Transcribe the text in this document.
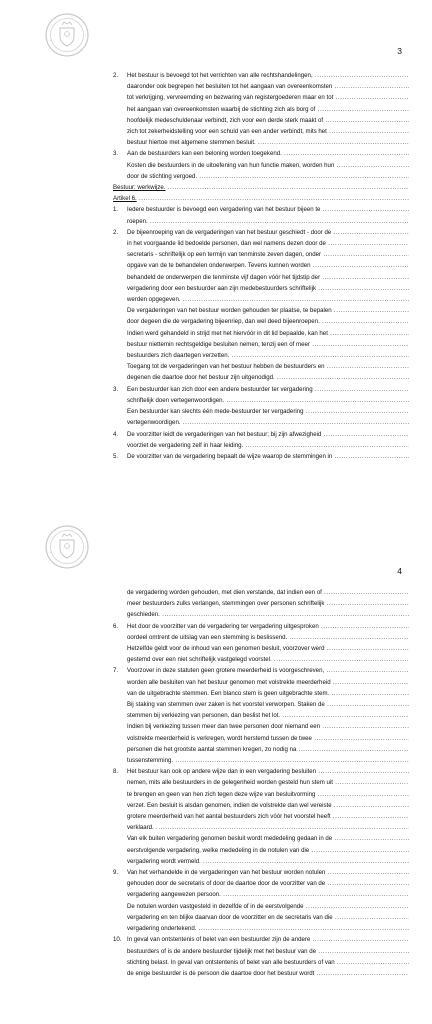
3
2. Het bestuur is bevoegd tot het verrichten van alle rechtshandelingen, .....
daaronder ook begrepen het besluiten tot het aangaan van overeenkomsten .....
tot verkrijging, vervreemding en bezwaring van registergoederen maar en tot .....
het aangaan van overeenkomsten waarbij de stichting zich als borg of .....
hoofdelijk medeschuldenaar verbindt, zich voor een derde sterk maakt of .....
zich tot zekerheidstelling voor een schuld van een ander verbindt, mits het .....
bestuur hiertoe met algemene stemmen besluit. .....
3. Aan de bestuurders kan een beloning worden toegekend. .....
Kosten die bestuurders in de uitoefening van hun functie maken, worden hun .....
door de stichting vergoed. .....
Bestuur: werkwijze. .....
Artikel 6. .....
1. Iedere bestuurder is bevoegd een vergadering van het bestuur bijeen te .....
roepen. .....
2. De bijeenroeping van de vergaderingen van het bestuur geschiedt - door de .....
in het voorgaande lid bedoelde personen, dan wel namens dezen door de .....
secretaris - schriftelijk op een termijn van tenminste zeven dagen, onder .....
opgave van de te behandelen onderwerpen. Tevens kunnen worden .....
behandeld de onderwerpen die tenminste vijf dagen vóór het tijdstip der .....
vergadering door een bestuurder aan zijn medebestuurders schriftelijk .....
werden opgegeven. .....
De vergaderingen van het bestuur worden gehouden ter plaatse, te bepalen .....
door degeen die de vergadering bijeenriep, dan wel deed bijeenroepen. .....
Indien werd gehandeld in strijd met het hiervóór in dit lid bepaalde, kan het .....
bestuur niettemin rechtsgeldige besluiten nemen, tenzij een of meer .....
bestuurders zich daartegen verzetten. .....
Toegang tot de vergaderingen van het bestuur hebben de bestuurders en .....
degenen die daartoe door het bestuur zijn uitgenodigd. .....
3. Een bestuurder kan zich door een andere bestuurder ter vergadering .....
schriftelijk doen vertegenwoordigen. .....
Een bestuurder kan slechts één mede-bestuurder ter vergadering .....
vertegenwoordigen. .....
4. De voorzitter leidt de vergaderingen van het bestuur; bij zijn afwezigheid .....
voorziet de vergadering zelf in haar leiding. .....
5. De voorzitter van de vergadering bepaalt de wijze waarop de stemmingen in .....
4
de vergadering worden gehouden, met dien verstande, dat indien een of .....
meer bestuurders zulks verlangen, stemmingen over personen schriftelijk .....
geschieden. .....
6. Het door de voorzitter van de vergadering ter vergadering uitgesproken .....
oordeel omtrent de uitslag van een stemming is beslissend. .....
Hetzelfde geldt voor de inhoud van een genomen besluit, voorzover werd .....
gestemd over een niet schriftelijk vastgelegd voorstel. .....
7. Voorzover in deze statuten geen grotere meerderheid is voorgeschreven, .....
worden alle besluiten van het bestuur genomen met volstrekte meerderheid .....
van de uitgebrachte stemmen. Een blanco stem is geen uitgebrachte stem. .....
Bij staking van stemmen over zaken is het voorstel verworpen. Staken de .....
stemmen bij verkiezing van personen, dan beslist het lot. .....
Indien bij verkiezing tussen meer dan twee personen door niemand een .....
volstrekte meerderheid is verkregen, wordt herstemd tussen de twee .....
personen die het grootste aantal stemmen kregen, zo nodig na .....
tussenstemming. .....
8. Het bestuur kan ook op andere wijze dan in een vergadering besluiten .....
nemen, mits alle bestuurders in de gelegenheid worden gesteld hun stem uit .....
te brengen en geen van hen zich tegen deze wijze van besluitvorming .....
verzet. Een besluit is alsdan genomen, indien de volstrekte dan wel vereiste .....
grotere meerderheid van het aantal bestuurders zich vóór het voorstel heeft .....
verklaard. .....
Van elk buiten vergadering genomen besluit wordt mededeling gedaan in de .....
eerstvolgende vergadering, welke mededeling in de notulen van die .....
vergadering wordt vermeld. .....
9. Van het verhandelde in de vergaderingen van het bestuur worden notulen .....
gehouden door de secretaris of door de daartoe door de voorzitter van de .....
vergadering aangewezen persoon. .....
De notulen worden vastgesteld in dezelfde of in de eerstvolgende .....
vergadering en ten blijke daarvan door de voorzitter en de secretaris van die .....
vergadering ondertekend. .....
10. In geval van ontstentenis of belet van een bestuurder zijn de andere .....
bestuurders of is de andere bestuurder tijdelijk met het bestuur van de .....
stichting belast. In geval van ontstentenis of belet van alle bestuurders of van .....
de enige bestuurder is de persoon die daartoe door het bestuur wordt .....
